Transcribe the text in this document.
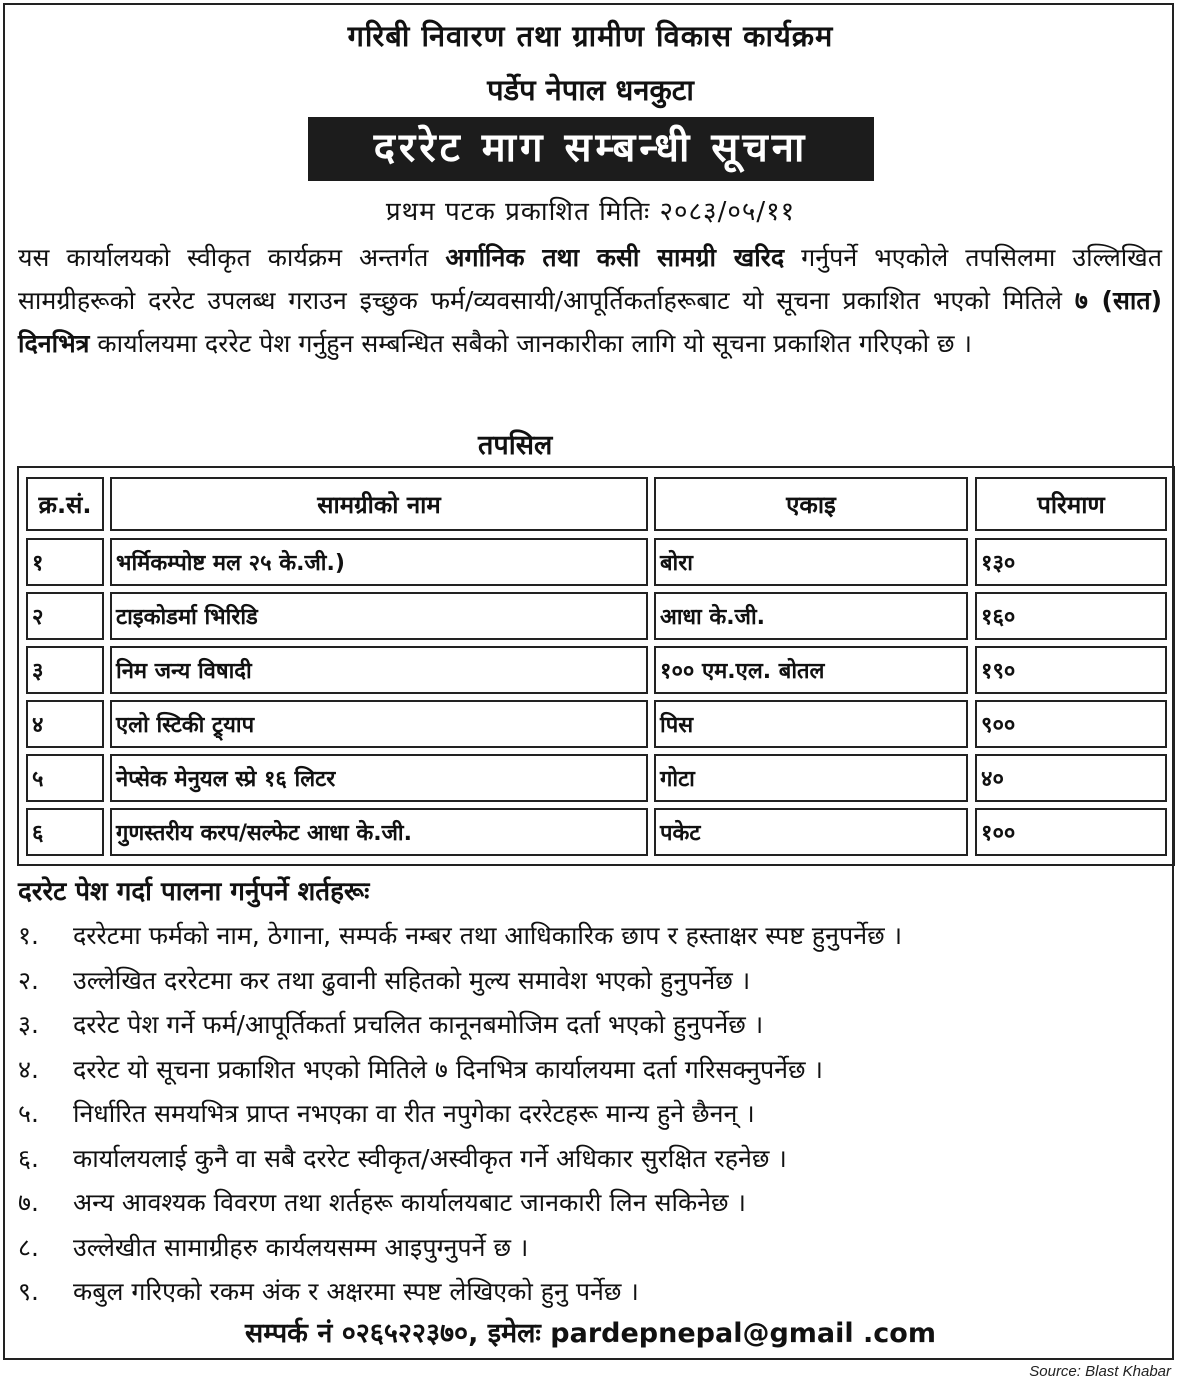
गरिबी निवारण तथा ग्रामीण विकास कार्यक्रम
पर्डेप नेपाल धनकुटा
दररेट माग सम्बन्धी सूचना
प्रथम पटक प्रकाशित मितिः २०८३/०५/११
यस कार्यालयको स्वीकृत कार्यक्रम अन्तर्गत अर्गानिक तथा कसी सामग्री खरिद गर्नुपर्ने भएकोले तपसिलमा उल्लिखित सामग्रीहरूको दररेट उपलब्ध गराउन इच्छुक फर्म/व्यवसायी/आपूर्तिकर्ताहरूबाट यो सूचना प्रकाशित भएको मितिले ७ (सात) दिनभित्र कार्यालयमा दररेट पेश गर्नुहुन सम्बन्धित सबैको जानकारीका लागि यो सूचना प्रकाशित गरिएको छ ।
तपसिल
क्र.सं.	सामग्रीको नाम	एकाइ	परिमाण
१	भर्मिकम्पोष्ट मल २५ के.जी.)	बोरा	१३०
२	टाइकोडर्मा भिरिडि	आधा के.जी.	१६०
३	निम जन्य विषादी	१०० एम.एल. बोतल	१९०
४	एलो स्टिकी ट्र्याप	पिस	९००
५	नेप्सेक मेनुयल स्प्रे १६ लिटर	गोटा	४०
६	गुणस्तरीय करप/सल्फेट आधा के.जी.	पकेट	१००
दररेट पेश गर्दा पालना गर्नुपर्ने शर्तहरूः
१. दररेटमा फर्मको नाम, ठेगाना, सम्पर्क नम्बर तथा आधिकारिक छाप र हस्ताक्षर स्पष्ट हुनुपर्नेछ ।
२. उल्लेखित दररेटमा कर तथा ढुवानी सहितको मुल्य समावेश भएको हुनुपर्नेछ ।
३. दररेट पेश गर्ने फर्म/आपूर्तिकर्ता प्रचलित कानूनबमोजिम दर्ता भएको हुनुपर्नेछ ।
४. दररेट यो सूचना प्रकाशित भएको मितिले ७ दिनभित्र कार्यालयमा दर्ता गरिसक्नुपर्नेछ ।
५. निर्धारित समयभित्र प्राप्त नभएका वा रीत नपुगेका दररेटहरू मान्य हुने छैनन् ।
६. कार्यालयलाई कुनै वा सबै दररेट स्वीकृत/अस्वीकृत गर्ने अधिकार सुरक्षित रहनेछ ।
७. अन्य आवश्यक विवरण तथा शर्तहरू कार्यालयबाट जानकारी लिन सकिनेछ ।
८. उल्लेखीत सामाग्रीहरु कार्यलयसम्म आइपुग्नुपर्ने छ ।
९. कबुल गरिएको रकम अंक र अक्षरमा स्पष्ट लेखिएको हुनु पर्नेछ ।
सम्पर्क नं ०२६५२२३७०, इमेलः pardepnepal@gmail .com
Source: Blast Khabar
